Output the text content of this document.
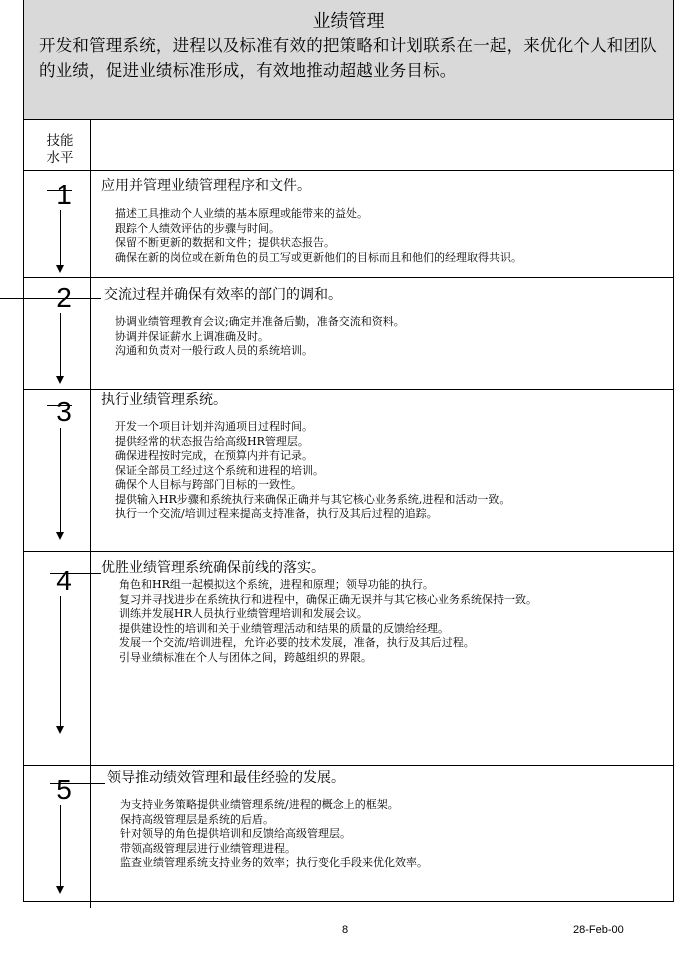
业绩管理
开发和管理系统，进程以及标准有效的把策略和计划联系在一起，来优化个人和团队的业绩，促进业绩标准形成，有效地推动超越业务目标。
技能
水平
1	应用并管理业绩管理程序和文件。
描述工具推动个人业绩的基本原理或能带来的益处。
跟踪个人绩效评估的步骤与时间。
保留不断更新的数据和文件；提供状态报告。
确保在新的岗位或在新角色的员工写或更新他们的目标而且和他们的经理取得共识。
2	交流过程并确保有效率的部门的调和。
协调业绩管理教育会议;确定并准备后勤，准备交流和资料。
协调并保证薪水上调准确及时。
沟通和负责对一般行政人员的系统培训。
3	执行业绩管理系统。
开发一个项目计划并沟通项目过程时间。
提供经常的状态报告给高级HR管理层。
确保进程按时完成，在预算内并有记录。
保证全部员工经过这个系统和进程的培训。
确保个人目标与跨部门目标的一致性。
提供输入HR步骤和系统执行来确保正确并与其它核心业务系统,进程和活动一致。
执行一个交流/培训过程来提高支持准备，执行及其后过程的追踪。
4	优胜业绩管理系统确保前线的落实。
角色和HR组一起模拟这个系统，进程和原理；领导功能的执行。
复习并寻找进步在系统执行和进程中，确保正确无误并与其它核心业务系统保持一致。
训练并发展HR人员执行业绩管理培训和发展会议。
提供建设性的培训和关于业绩管理活动和结果的质量的反馈给经理。
发展一个交流/培训进程，允许必要的技术发展，准备，执行及其后过程。
引导业绩标准在个人与团体之间，跨越组织的界限。
5	领导推动绩效管理和最佳经验的发展。
为支持业务策略提供业绩管理系统/进程的概念上的框架。
保持高级管理层是系统的后盾。
针对领导的角色提供培训和反馈给高级管理层。
带领高级管理层进行业绩管理进程。
监查业绩管理系统支持业务的效率；执行变化手段来优化效率。
8	28-Feb-00
